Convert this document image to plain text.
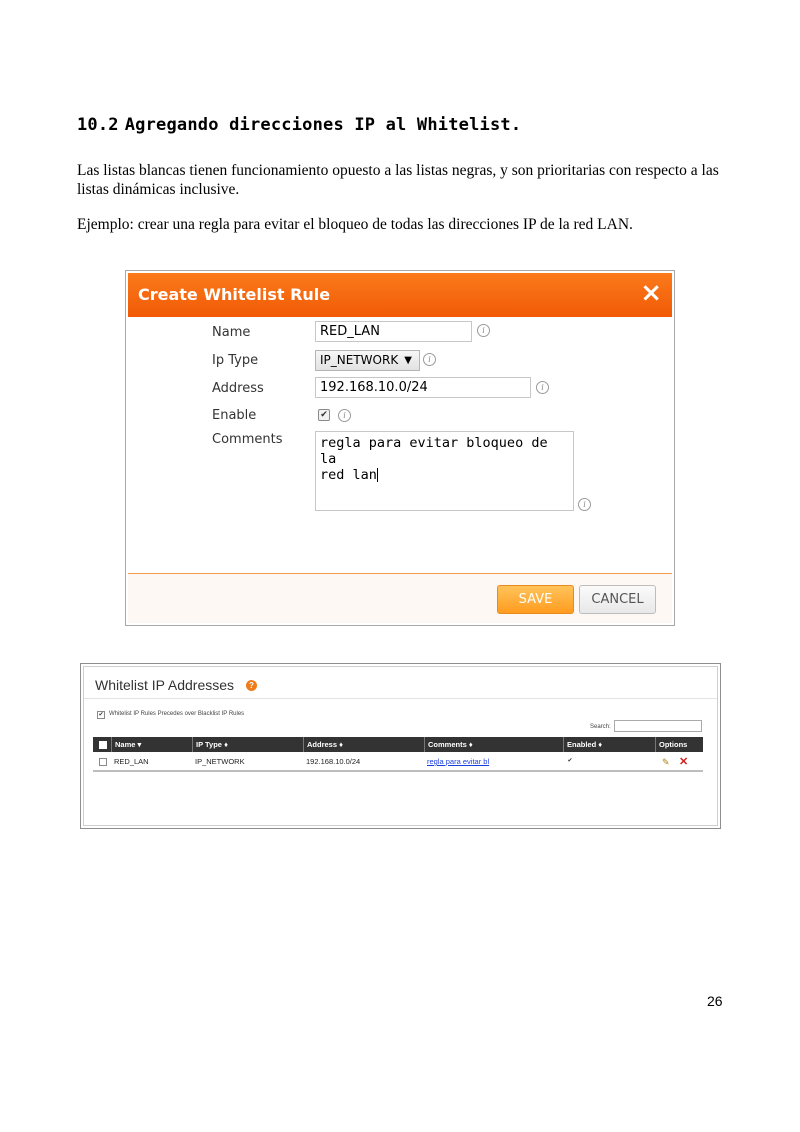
10.2 Agregando direcciones IP al Whitelist.
Las listas blancas tienen funcionamiento opuesto a las listas negras, y son prioritarias con respecto a las listas dinámicas inclusive.
Ejemplo: crear una regla para evitar el bloqueo de todas las direcciones IP de la red LAN.
Create Whitelist Rule	×
Name	RED_LAN	i
Ip Type	IP_NETWORK ▼	i
Address	192.168.10.0/24	i
Enable	✔	i
Comments	regla para evitar bloqueo de la
red lan
i
SAVE	CANCEL
Whitelist IP Addresses	?
✔ Whitelist IP Rules Precedes over Blacklist IP Rules
Search:
Name ▾	IP Type ♦	Address ♦	Comments ♦	Enabled ♦	Options
RED_LAN	IP_NETWORK	192.168.10.0/24	regla para evitar bl	✔	✎ ✕
26
